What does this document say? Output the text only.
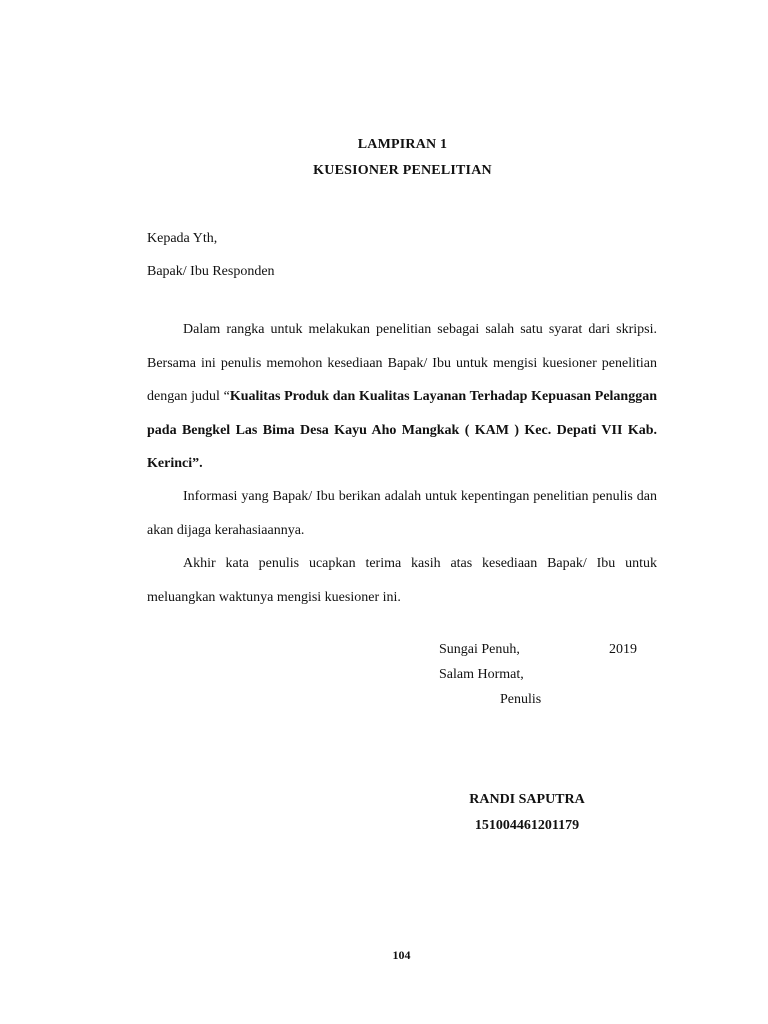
LAMPIRAN 1
KUESIONER PENELITIAN
Kepada Yth,
Bapak/ Ibu Responden
Dalam rangka untuk melakukan penelitian sebagai salah satu syarat dari skripsi. Bersama ini penulis memohon kesediaan Bapak/ Ibu untuk mengisi kuesioner penelitian dengan judul “Kualitas Produk dan Kualitas Layanan Terhadap Kepuasan Pelanggan pada Bengkel Las Bima Desa Kayu Aho Mangkak ( KAM ) Kec. Depati VII Kab. Kerinci”.
Informasi yang Bapak/ Ibu berikan adalah untuk kepentingan penelitian penulis dan akan dijaga kerahasiaannya.
Akhir kata penulis ucapkan terima kasih atas kesediaan Bapak/ Ibu untuk meluangkan waktunya mengisi kuesioner ini.
Sungai Penuh,	2019
Salam Hormat,
Penulis
RANDI SAPUTRA
151004461201179
104
